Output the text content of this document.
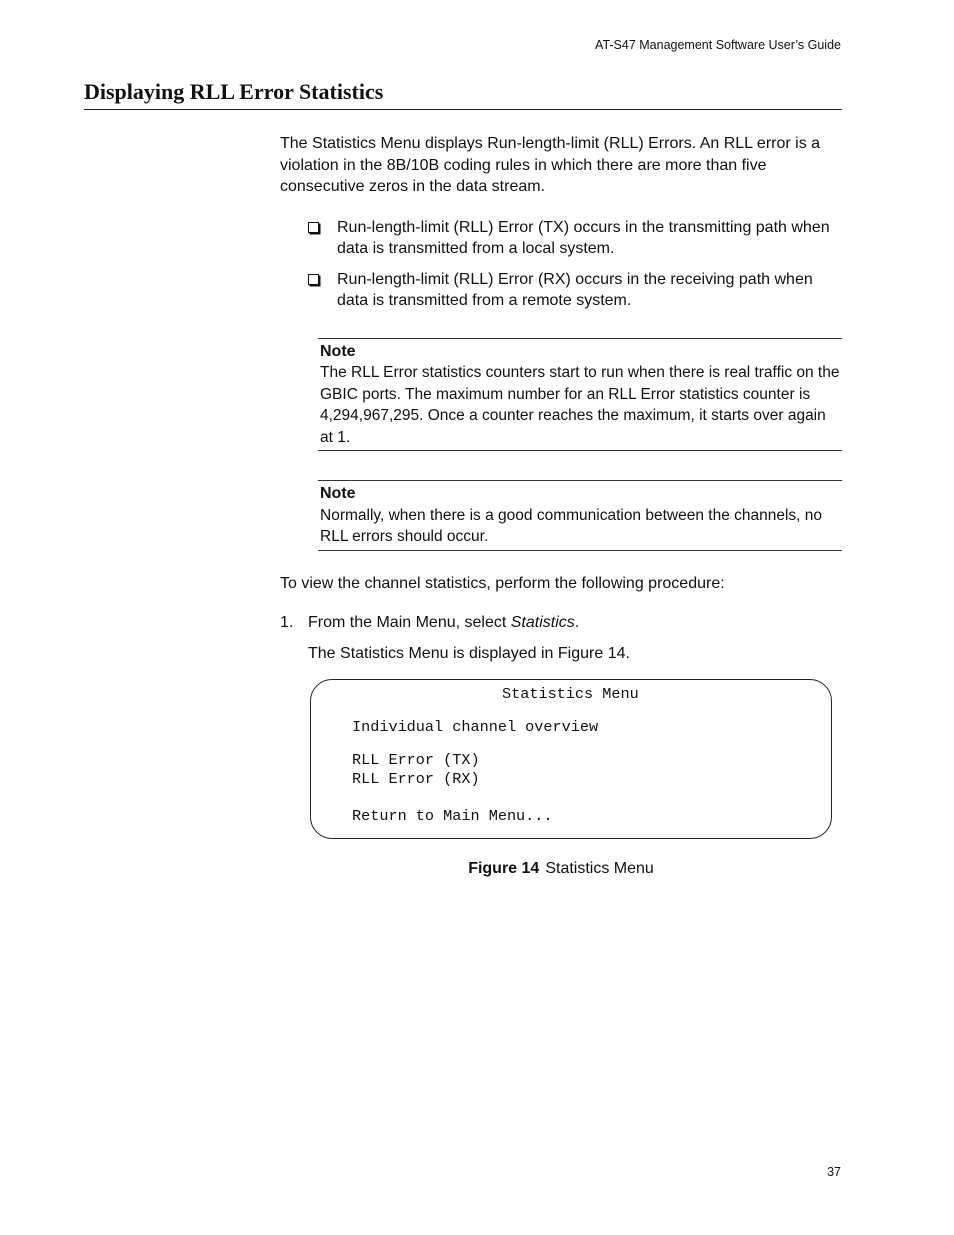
AT-S47 Management Software User’s Guide
Displaying RLL Error Statistics

The Statistics Menu displays Run-length-limit (RLL) Errors. An RLL error is a violation in the 8B/10B coding rules in which there are more than five consecutive zeros in the data stream.

Run-length-limit (RLL) Error (TX) occurs in the transmitting path when data is transmitted from a local system.
Run-length-limit (RLL) Error (RX) occurs in the receiving path when data is transmitted from a remote system.
Note

The RLL Error statistics counters start to run when there is real traffic on the GBIC ports. The maximum number for an RLL Error statistics counter is 4,294,967,295. Once a counter reaches the maximum, it starts over again at 1.

Note

Normally, when there is a good communication between the channels, no RLL errors should occur.

To view the channel statistics, perform the following procedure:

1. From the Main Menu, select Statistics.

The Statistics Menu is displayed in Figure 14.

Statistics Menu
Individual channel overview
RLL Error (TX)
RLL Error (RX)
Return to Main Menu...
Figure 14 Statistics Menu
37
